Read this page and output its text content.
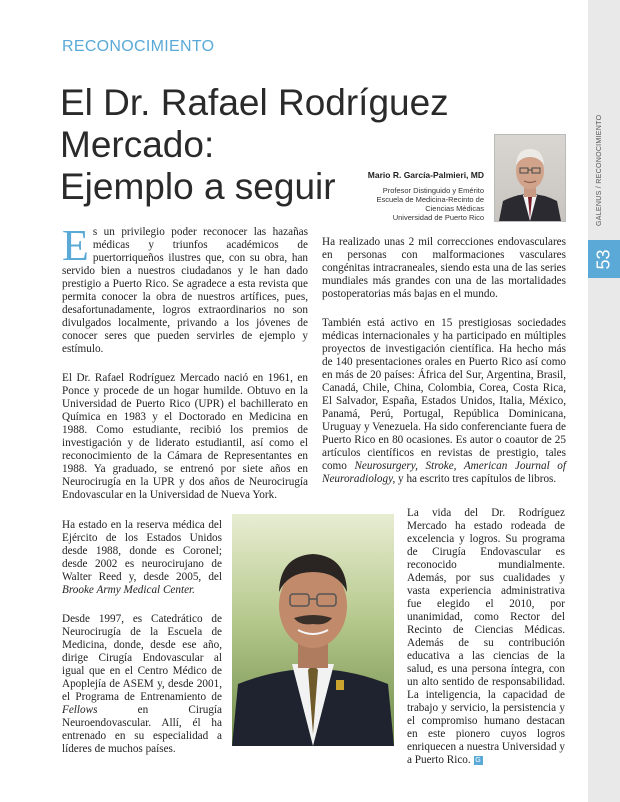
RECONOCIMIENTO
El Dr. Rafael Rodríguez Mercado:
Ejemplo a seguir	GALENUS / RECONOCIMIENTO
53
Mario R. García-Palmieri, MD
Profesor Distinguido y Emérito
Escuela de Medicina-Recinto de
Ciencias Médicas
Universidad de Puerto Rico

Es un privilegio poder reconocer las hazañas médicas y triunfos académicos de puertorriqueños ilustres que, con su obra, han servido bien a nuestros ciudadanos y le han dado prestigio a Puerto Rico. Se agradece a esta revista que permita conocer la obra de nuestros artífices, pues, desafortunadamente, logros extraordinarios no son divulgados localmente, privando a los jóvenes de conocer seres que pueden servirles de ejemplo y estímulo.

El Dr. Rafael Rodríguez Mercado nació en 1961, en Ponce y procede de un hogar humilde. Obtuvo en la Universidad de Puerto Rico (UPR) el bachillerato en Química en 1983 y el Doctorado en Medicina en 1988. Como estudiante, recibió los premios de investigación y de liderato estudiantil, así como el reconocimiento de la Cámara de Representantes en 1988. Ya graduado, se entrenó por siete años en Neurocirugía en la UPR y dos años de Neurocirugía Endovascular en la Universidad de Nueva York.

Ha realizado unas 2 mil correcciones endovasculares en personas con malformaciones vasculares congénitas intracraneales, siendo esta una de las series mundiales más grandes con una de las mortalidades postoperatorias más bajas en el mundo.

También está activo en 15 prestigiosas sociedades médicas internacionales y ha participado en múltiples proyectos de investigación científica. Ha hecho más de 140 presentaciones orales en Puerto Rico así como en más de 20 países: África del Sur, Argentina, Brasil, Canadá, Chile, China, Colombia, Corea, Costa Rica, El Salvador, España, Estados Unidos, Italia, México, Panamá, Perú, Portugal, República Dominicana, Uruguay y Venezuela. Ha sido conferenciante fuera de Puerto Rico en 80 ocasiones. Es autor o coautor de 25 artículos científicos en revistas de prestigio, tales como Neurosurgery, Stroke, American Journal of Neuroradiology, y ha escrito tres capítulos de libros.

Ha estado en la reserva médica del Ejército de los Estados Unidos desde 1988, donde es Coronel; desde 2002 es neurocirujano de Walter Reed y, desde 2005, del Brooke Army Medical Center.

Desde 1997, es Catedrático de Neurocirugía de la Escuela de Medicina, donde, desde ese año, dirige Cirugía Endovascular al igual que en el Centro Médico de Apoplejía de ASEM y, desde 2001, el Programa de Entrenamiento de Fellows en Cirugía Neuroendovascular. Allí, él ha entrenado en su especialidad a líderes de muchos países.

La vida del Dr. Rodríguez Mercado ha estado rodeada de excelencia y logros. Su programa de Cirugía Endovascular es reconocido mundialmente. Además, por sus cualidades y vasta experiencia administrativa fue elegido el 2010, por unanimidad, como Rector del Recinto de Ciencias Médicas. Además de su contribución educativa a las ciencias de la salud, es una persona íntegra, con un alto sentido de responsabilidad. La inteligencia, la capacidad de trabajo y servicio, la persistencia y el compromiso humano destacan en este pionero cuyos logros enriquecen a nuestra Universidad y a Puerto Rico. G
